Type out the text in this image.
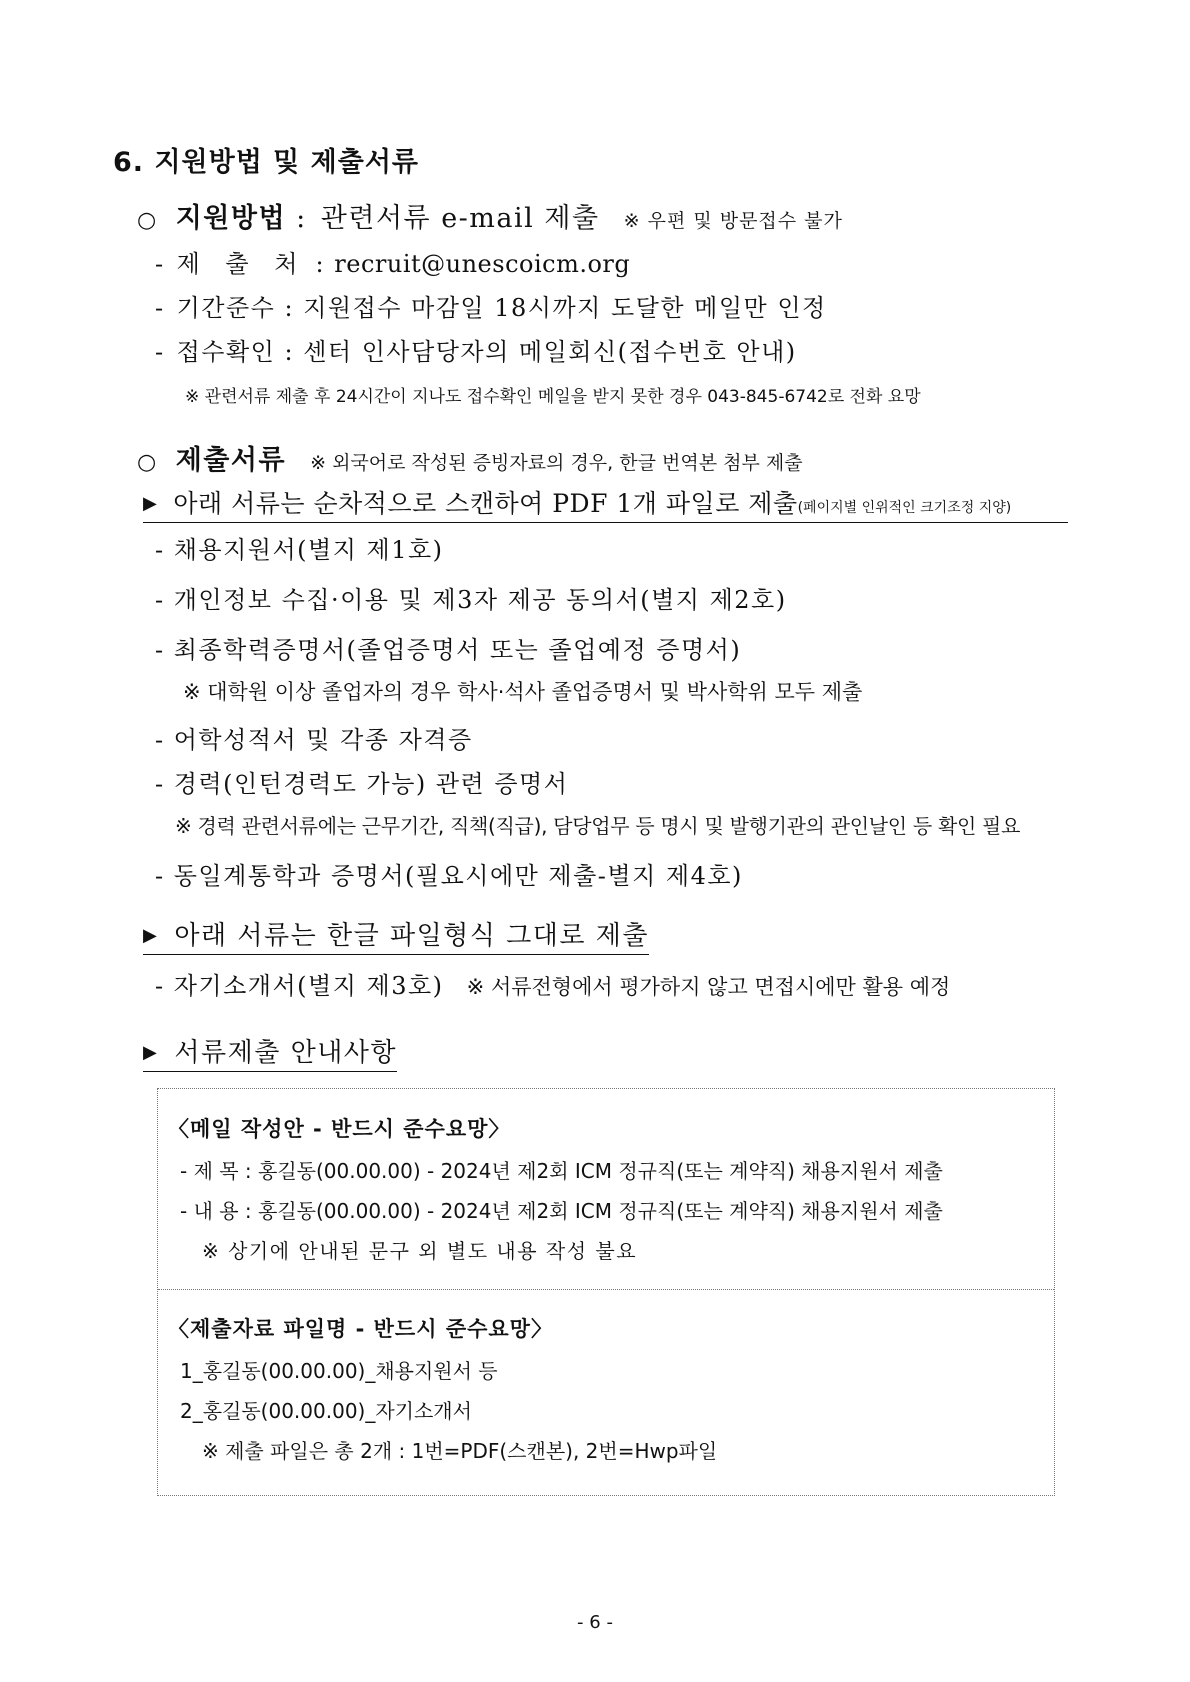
6. 지원방법 및 제출서류
○ 지원방법 : 관련서류 e-mail 제출 ※ 우편 및 방문접수 불가
- 제 출 처 : recruit@unescoicm.org
- 기간준수 : 지원접수 마감일 18시까지 도달한 메일만 인정
- 접수확인 : 센터 인사담당자의 메일회신(접수번호 안내)
※ 관련서류 제출 후 24시간이 지나도 접수확인 메일을 받지 못한 경우 043-845-6742로 전화 요망
○ 제출서류 ※ 외국어로 작성된 증빙자료의 경우, 한글 번역본 첨부 제출
▶ 아래 서류는 순차적으로 스캔하여 PDF 1개 파일로 제출(페이지별 인위적인 크기조정 지양)
- 채용지원서(별지 제1호)
- 개인정보 수집·이용 및 제3자 제공 동의서(별지 제2호)
- 최종학력증명서(졸업증명서 또는 졸업예정 증명서)
※ 대학원 이상 졸업자의 경우 학사·석사 졸업증명서 및 박사학위 모두 제출
- 어학성적서 및 각종 자격증
- 경력(인턴경력도 가능) 관련 증명서
※ 경력 관련서류에는 근무기간, 직책(직급), 담당업무 등 명시 및 발행기관의 관인날인 등 확인 필요
- 동일계통학과 증명서(필요시에만 제출-별지 제4호)
▶ 아래 서류는 한글 파일형식 그대로 제출
- 자기소개서(별지 제3호) ※ 서류전형에서 평가하지 않고 면접시에만 활용 예정
▶ 서류제출 안내사항
〈메일 작성안 - 반드시 준수요망〉
- 제 목 : 홍길동(00.00.00) - 2024년 제2회 ICM 정규직(또는 계약직) 채용지원서 제출
- 내 용 : 홍길동(00.00.00) - 2024년 제2회 ICM 정규직(또는 계약직) 채용지원서 제출
※ 상기에 안내된 문구 외 별도 내용 작성 불요
〈제출자료 파일명 - 반드시 준수요망〉
1_홍길동(00.00.00)_채용지원서 등
2_홍길동(00.00.00)_자기소개서
※ 제출 파일은 총 2개 : 1번=PDF(스캔본), 2번=Hwp파일
- 6 -
